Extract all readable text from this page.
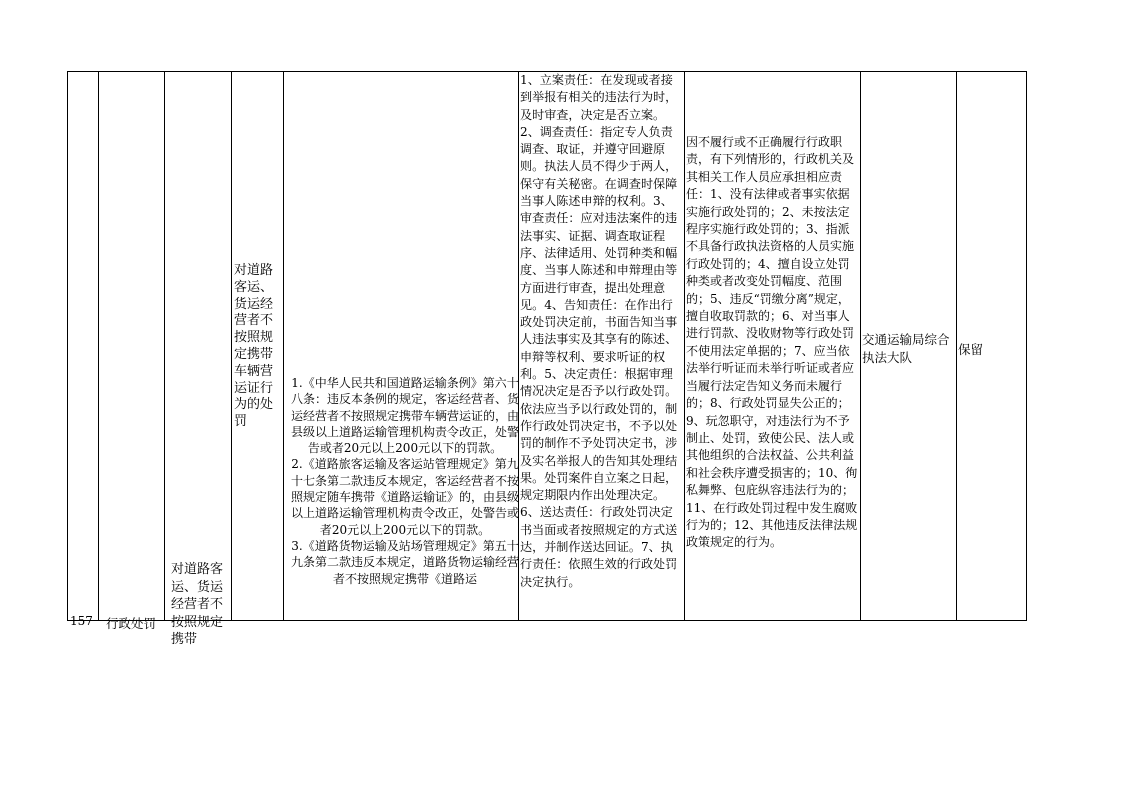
157	行政处罚
对道路客运、货运经营者不按照规定携带
对道路客运、货运经营者不按照规定携带车辆营运证行为的处罚
1.《中华人民共和国道路运输条例》第六十八条：违反本条例的规定，客运经营者、货运经营者不按照规定携带车辆营运证的，由县级以上道路运输管理机构责令改正，处警告或者20元以上200元以下的罚款。
2.《道路旅客运输及客运站管理规定》第九十七条第二款违反本规定，客运经营者不按照规定随车携带《道路运输证》的，由县级以上道路运输管理机构责令改正，处警告或者20元以上200元以下的罚款。
3.《道路货物运输及站场管理规定》第五十九条第二款违反本规定，道路货物运输经营者不按照规定携带《道路运
1、立案责任：在发现或者接到举报有相关的违法行为时，及时审查，决定是否立案。2、调查责任：指定专人负责调查、取证，并遵守回避原则。执法人员不得少于两人，保守有关秘密。在调查时保障当事人陈述申辩的权利。3、审查责任：应对违法案件的违法事实、证据、调查取证程序、法律适用、处罚种类和幅度、当事人陈述和申辩理由等方面进行审查，提出处理意见。4、告知责任：在作出行政处罚决定前，书面告知当事人违法事实及其享有的陈述、申辩等权利、要求听证的权利。5、决定责任：根据审理情况决定是否予以行政处罚。依法应当予以行政处罚的，制作行政处罚决定书，不予以处罚的制作不予处罚决定书，涉及实名举报人的告知其处理结果。处罚案件自立案之日起，规定期限内作出处理决定。6、送达责任：行政处罚决定书当面或者按照规定的方式送达，并制作送达回证。7、执行责任：依照生效的行政处罚决定执行。
因不履行或不正确履行行政职责，有下列情形的，行政机关及其相关工作人员应承担相应责任：1、没有法律或者事实依据实施行政处罚的；2、未按法定程序实施行政处罚的；3、指派不具备行政执法资格的人员实施行政处罚的；4、擅自设立处罚种类或者改变处罚幅度、范围的；5、违反“罚缴分离”规定，擅自收取罚款的；6、对当事人进行罚款、没收财物等行政处罚不使用法定单据的；7、应当依法举行听证而未举行听证或者应当履行法定告知义务而未履行的；8、行政处罚显失公正的；9、玩忽职守，对违法行为不予制止、处罚，致使公民、法人或其他组织的合法权益、公共利益和社会秩序遭受损害的；10、徇私舞弊、包庇纵容违法行为的；11、在行政处罚过程中发生腐败行为的；12、其他违反法律法规政策规定的行为。
交通运输局综合执法大队	保留
